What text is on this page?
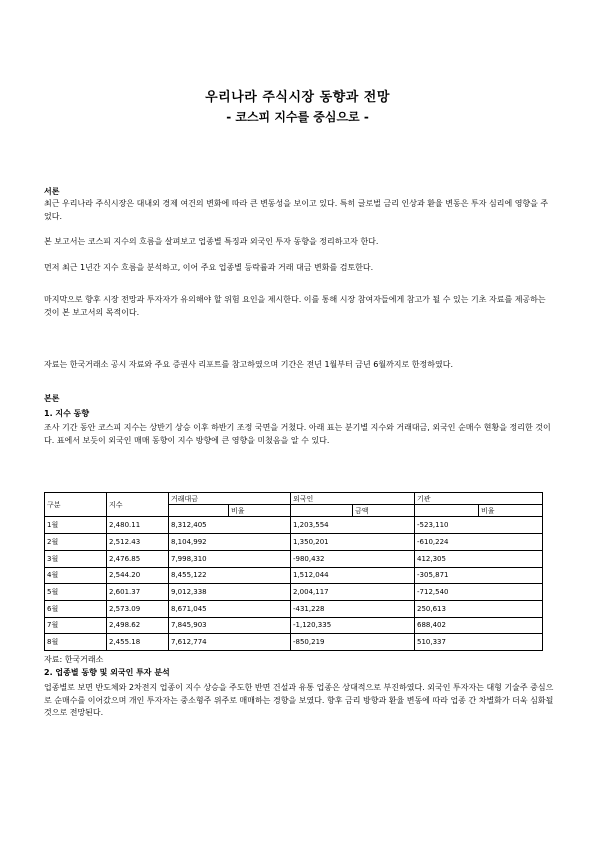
우리나라 주식시장 동향과 전망
- 코스피 지수를 중심으로 -

서론

최근 우리나라 주식시장은 대내외 경제 여건의 변화에 따라 큰 변동성을 보이고 있다. 특히 글로벌 금리 인상과 환율 변동은 투자 심리에 영향을 주었다.

본 보고서는 코스피 지수의 흐름을 살펴보고 업종별 특징과 외국인 투자 동향을 정리하고자 한다.

먼저 최근 1년간 지수 흐름을 분석하고, 이어 주요 업종별 등락률과 거래 대금 변화를 검토한다.

마지막으로 향후 시장 전망과 투자자가 유의해야 할 위험 요인을 제시한다. 이를 통해 시장 참여자들에게 참고가 될 수 있는 기초 자료를 제공하는 것이 본 보고서의 목적이다.

자료는 한국거래소 공시 자료와 주요 증권사 리포트를 참고하였으며 기간은 전년 1월부터 금년 6월까지로 한정하였다.

본론

1. 지수 동향

조사 기간 동안 코스피 지수는 상반기 상승 이후 하반기 조정 국면을 거쳤다. 아래 표는 분기별 지수와 거래대금, 외국인 순매수 현황을 정리한 것이다. 표에서 보듯이 외국인 매매 동향이 지수 방향에 큰 영향을 미쳤음을 알 수 있다.

구분	지수	거래대금		외국인		기관	
			비율		금액		비율
1월	2,480.11	8,312,405		1,203,554		-523,110	
2월	2,512.43	8,104,992		1,350,201		-610,224	
3월	2,476.85	7,998,310		-980,432		412,305	
4월	2,544.20	8,455,122		1,512,044		-305,871	
5월	2,601.37	9,012,338		2,004,117		-712,540	
6월	2,573.09	8,671,045		-431,228		250,613	
7월	2,498.62	7,845,903		-1,120,335		688,402	
8월	2,455.18	7,612,774		-850,219		510,337	

자료: 한국거래소

2. 업종별 동향 및 외국인 투자 분석

업종별로 보면 반도체와 2차전지 업종이 지수 상승을 주도한 반면 건설과 유통 업종은 상대적으로 부진하였다. 외국인 투자자는 대형 기술주 중심으로 순매수를 이어갔으며 개인 투자자는 중소형주 위주로 매매하는 경향을 보였다. 향후 금리 방향과 환율 변동에 따라 업종 간 차별화가 더욱 심화될 것으로 전망된다.
